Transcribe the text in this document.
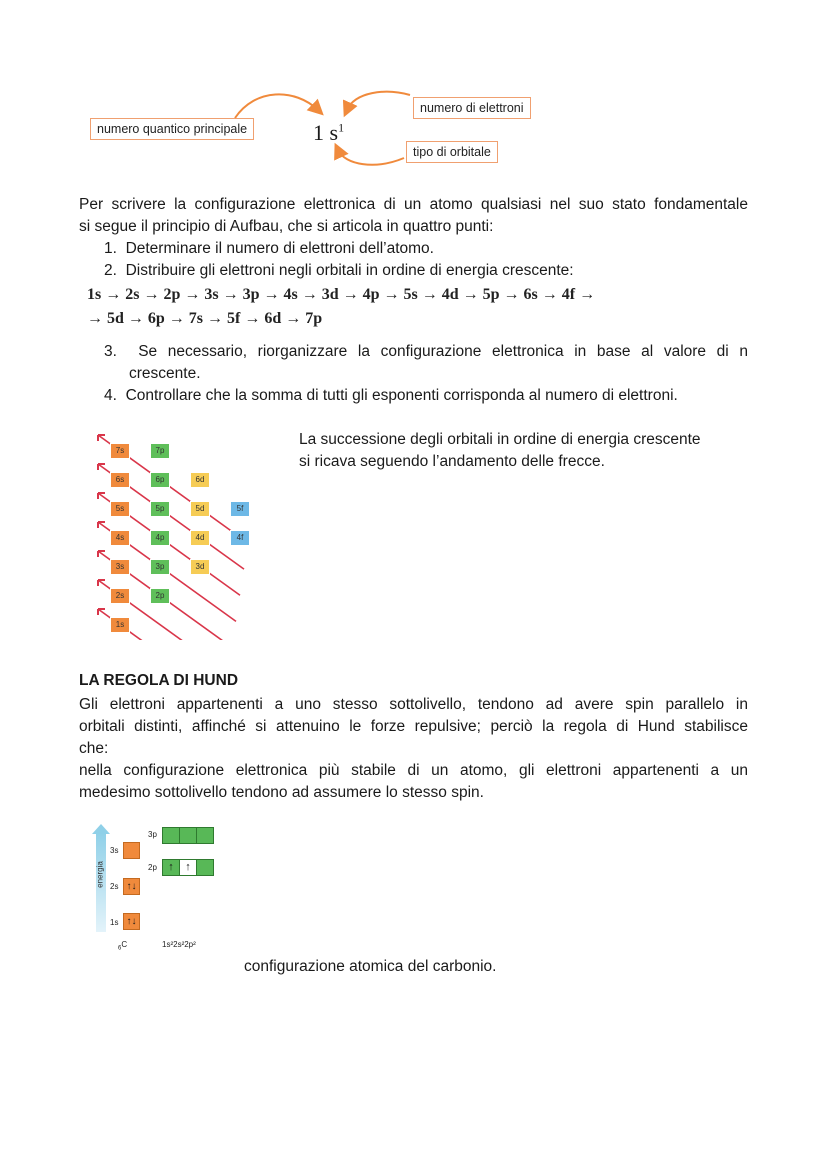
numero quantico principale	1 $s^1$
numero di elettroni
tipo di orbitale
Per scrivere la configurazione elettronica di un atomo qualsiasi nel suo stato fondamentale
si segue il principio di Aufbau, che si articola in quattro punti:
1. Determinare il numero di elettroni dell’atomo.
2. Distribuire gli elettroni negli orbitali in ordine di energia crescente:
1s → 2s → 2p → 3s → 3p → 4s → 3d → 4p → 5s → 4d → 5p → 6s → 4f →
→ 5d → 6p → 7s → 5f → 6d → 7p
3. Se necessario, riorganizzare la configurazione elettronica in base al valore di n
crescente.
4. Controllare che la somma di tutti gli esponenti corrisponda al numero di elettroni.
7s	7p
6s	6p	6d
5s	5p	5d	5f
4s	4p	4d	4f
3s	3p	3d
2s	2p
1s
La successione degli orbitali in ordine di energia crescente
si ricava seguendo l’andamento delle frecce.
LA REGOLA DI HUND
Gli elettroni appartenenti a uno stesso sottolivello, tendono ad avere spin parallelo in
orbitali distinti, affinché si attenuino le forze repulsive; perciò la regola di Hund stabilisce
che:
nella configurazione elettronica più stabile di un atomo, gli elettroni appartenenti a un
medesimo sottolivello tendono ad assumere lo stesso spin.
energia
3s
3p
2p	↑	↑
2s ↑↓
1s ↑↓
$_6$C	1s²2s²2p²
configurazione atomica del carbonio.
